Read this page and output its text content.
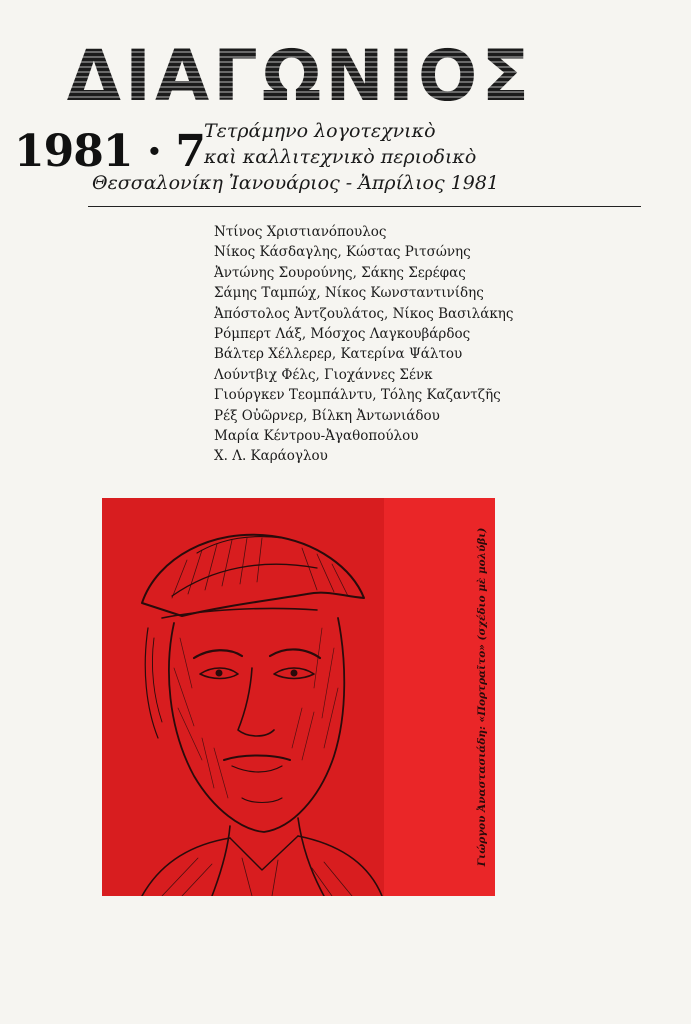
ΔΙΑΓΩΝΙΟΣ
1981 · 7
Τετράμηνο λογοτεχνικὸ
καὶ καλλιτεχνικὸ περιοδικὸ
Θεσσαλονίκη Ἰανουάριος - Ἀπρίλιος 1981
Ντίνος Χριστιανόπουλος
Νίκος Κάσδαγλης, Κώστας Ριτσώνης
Ἀντώνης Σουρούνης, Σάκης Σερέφας
Σάμης Ταμπώχ, Νίκος Κωνσταντινίδης
Ἀπόστολος Ἀντζουλάτος, Νίκος Βασιλάκης
Ρόμπερτ Λάξ, Μόσχος Λαγκουβάρδος
Βάλτερ Χέλλερερ, Κατερίνα Ψάλτου
Λούντβιχ Φέλς, Γιοχάννες Σένκ
Γιούργκεν Τεομπάλντυ, Τόλης Καζαντζῆς
Ρέξ Οὐῶρνερ, Βίλκη Ἀντωνιάδου
Μαρία Κέντρου-Ἀγαθοπούλου
Χ. Λ. Καράογλου
Γιώργου Ἀναστασιάδη: «Πορτραῖτο» (σχέδιο μὲ μολύβι)
